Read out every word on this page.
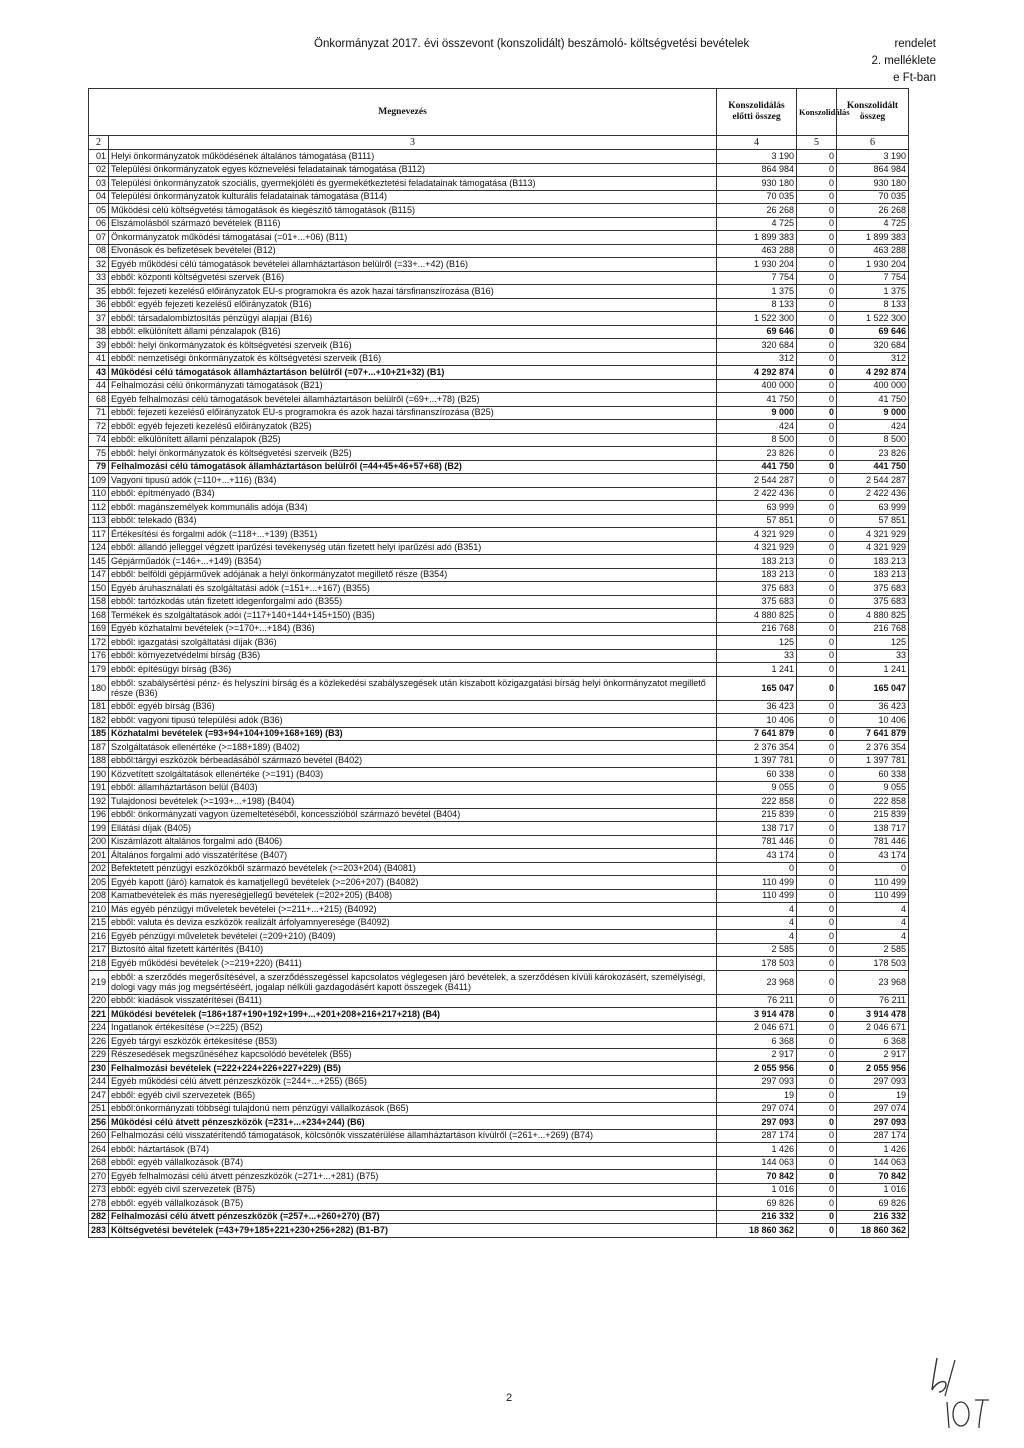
Önkormányzat 2017. évi összevont (konszolidált) beszámoló- költségvetési bevételek	rendelet
2. melléklete
e Ft-ban
Megnevezés		Konszolidálás előtti összeg	Konszolidálás	Konszolidált összeg
2	3	4	5	6
01	Helyi önkormányzatok működésének általános támogatása (B111)	3 190	0	3 190
02	Települési önkormányzatok egyes köznevelési feladatainak támogatása (B112)	864 984	0	864 984
03	Települési önkormányzatok szociális, gyermekjóléti és gyermekétkeztetési feladatainak támogatása (B113)	930 180	0	930 180
04	Települési önkormányzatok kulturális feladatainak támogatása (B114)	70 035	0	70 035
05	Működési célú költségvetési támogatások és kiegészítő támogatások (B115)	26 268	0	26 268
06	Elszámolásból származó bevételek (B116)	4 725	0	4 725
07	Önkormányzatok működési támogatásai (=01+...+06) (B11)	1 899 383	0	1 899 383
08	Elvonások és befizetések bevételei (B12)	463 288	0	463 288
32	Egyéb működési célú támogatások bevételei államháztartáson belülről (=33+...+42) (B16)	1 930 204	0	1 930 204
33	ebből: központi költségvetési szervek (B16)	7 754	0	7 754
35	ebből: fejezeti kezelésű előirányzatok EU-s programokra és azok hazai társfinanszírozása (B16)	1 375	0	1 375
36	ebből: egyéb fejezeti kezelésű előirányzatok (B16)	8 133	0	8 133
37	ebből: társadalombiztosítás pénzügyi alapjai (B16)	1 522 300	0	1 522 300
38	ebből: elkülönített állami pénzalapok (B16)	69 646	0	69 646
39	ebből: helyi önkormányzatok és költségvetési szerveik (B16)	320 684	0	320 684
41	ebből: nemzetiségi önkormányzatok és költségvetési szerveik (B16)	312	0	312
43	Működési célú támogatások államháztartáson belülről (=07+...+10+21+32) (B1)	4 292 874	0	4 292 874
44	Felhalmozási célú önkormányzati támogatások (B21)	400 000	0	400 000
68	Egyéb felhalmozási célú támogatások bevételei államháztartáson belülről (=69+...+78) (B25)	41 750	0	41 750
71	ebből: fejezeti kezelésű előirányzatok EU-s programokra és azok hazai társfinanszírozása (B25)	9 000	0	9 000
72	ebből: egyéb fejezeti kezelésű előirányzatok (B25)	424	0	424
74	ebből: elkülönített állami pénzalapok (B25)	8 500	0	8 500
75	ebből: helyi önkormányzatok és költségvetési szerveik (B25)	23 826	0	23 826
79	Felhalmozási célú támogatások államháztartáson belülről (=44+45+46+57+68) (B2)	441 750	0	441 750
109	Vagyoni tipusú adók (=110+...+116) (B34)	2 544 287	0	2 544 287
110	ebből: építményadó (B34)	2 422 436	0	2 422 436
112	ebből: magánszemélyek kommunális adója (B34)	63 999	0	63 999
113	ebből: telekadó (B34)	57 851	0	57 851
117	Értékesítési és forgalmi adók (=118+...+139) (B351)	4 321 929	0	4 321 929
124	ebből: állandó jelleggel végzett iparűzési tevékenység után fizetett helyi iparűzési adó (B351)	4 321 929	0	4 321 929
145	Gépjárműadók (=146+...+149) (B354)	183 213	0	183 213
147	ebből: belföldi gépjárművek adójának a helyi önkormányzatot megillető része (B354)	183 213	0	183 213
150	Egyéb áruhasználati és szolgáltatási adók (=151+...+167) (B355)	375 683	0	375 683
158	ebből: tartózkodás után fizetett idegenforgalmi adó (B355)	375 683	0	375 683
168	Termékek és szolgáltatások adói (=117+140+144+145+150) (B35)	4 880 825	0	4 880 825
169	Egyéb közhatalmi bevételek (>=170+...+184) (B36)	216 768	0	216 768
172	ebből: igazgatási szolgáltatási díjak (B36)	125	0	125
176	ebből: környezetvédelmi bírság (B36)	33	0	33
179	ebből: építésügyi bírság (B36)	1 241	0	1 241
180	ebből: szabálysértési pénz- és helyszíni bírság és a közlekedési szabályszegések után kiszabott közigazgatási bírság helyi önkormányzatot megillető része (B36)	165 047	0	165 047
181	ebből: egyéb bírság (B36)	36 423	0	36 423
182	ebből: vagyoni tipusú települési adók (B36)	10 406	0	10 406
185	Közhatalmi bevételek (=93+94+104+109+168+169) (B3)	7 641 879	0	7 641 879
187	Szolgáltatások ellenértéke (>=188+189) (B402)	2 376 354	0	2 376 354
188	ebből:tárgyi eszközök bérbeadásából származó bevétel (B402)	1 397 781	0	1 397 781
190	Közvetített szolgáltatások ellenértéke (>=191) (B403)	60 338	0	60 338
191	ebből: államháztartáson belül (B403)	9 055	0	9 055
192	Tulajdonosi bevételek (>=193+...+198) (B404)	222 858	0	222 858
196	ebből: önkormányzati vagyon üzemeltetéséből, koncesszióból származó bevétel (B404)	215 839	0	215 839
199	Ellátási díjak (B405)	138 717	0	138 717
200	Kiszámlázott általános forgalmi adó (B406)	781 446	0	781 446
201	Általános forgalmi adó visszatérítése (B407)	43 174	0	43 174
202	Befektetett pénzügyi eszközökből származó bevételek (>=203+204) (B4081)	0	0	0
205	Egyéb kapott (járó) kamatok és kamatjellegű bevételek (>=206+207) (B4082)	110 499	0	110 499
208	Kamatbevételek és más nyereségjellegű bevételek (=202+205) (B408)	110 499	0	110 499
210	Más egyéb pénzügyi műveletek bevételei (>=211+...+215) (B4092)	4	0	4
215	ebből: valuta és deviza eszközök realizált árfolyamnyeresége (B4092)	4	0	4
216	Egyéb pénzügyi műveletek bevételei (=209+210) (B409)	4	0	4
217	Biztosító által fizetett kártérítés (B410)	2 585	0	2 585
218	Egyéb működési bevételek (>=219+220) (B411)	178 503	0	178 503
219	ebből: a szerződés megerősítésével, a szerződésszegéssel kapcsolatos véglegesen járó bevételek, a szerződésen kívüli károkozásért, személyiségi, dologi vagy más jog megsértéséért, jogalap nélküli gazdagodásért kapott összegek (B411)	23 968	0	23 968
220	ebből: kiadások visszatérítései (B411)	76 211	0	76 211
221	Működési bevételek (=186+187+190+192+199+...+201+208+216+217+218) (B4)	3 914 478	0	3 914 478
224	Ingatlanok értékesítése (>=225) (B52)	2 046 671	0	2 046 671
226	Egyéb tárgyi eszközök értékesítése (B53)	6 368	0	6 368
229	Részesedések megszűnéséhez kapcsolódó bevételek (B55)	2 917	0	2 917
230	Felhalmozási bevételek (=222+224+226+227+229) (B5)	2 055 956	0	2 055 956
244	Egyéb működési célú átvett pénzeszközök (=244+...+255) (B65)	297 093	0	297 093
247	ebből: egyéb civil szervezetek (B65)	19	0	19
251	ebből:önkormányzati többségi tulajdonú nem pénzügyi vállalkozások (B65)	297 074	0	297 074
256	Működési célú átvett pénzeszközök (=231+...+234+244) (B6)	297 093	0	297 093
260	Felhalmozási célú visszatérítendő támogatások, kölcsönök visszatérülése államháztartáson kívülről (=261+...+269) (B74)	287 174	0	287 174
264	ebből: háztartások (B74)	1 426	0	1 426
268	ebből: egyéb vállalkozások (B74)	144 063	0	144 063
270	Egyéb felhalmozási célú átvett pénzeszközök (=271+...+281) (B75)	70 842	0	70 842
273	ebből: egyéb civil szervezetek (B75)	1 016	0	1 016
278	ebből: egyéb vállalkozások (B75)	69 826	0	69 826
282	Felhalmozási célú átvett pénzeszközök (=257+...+260+270) (B7)	216 332	0	216 332
283	Költségvetési bevételek (=43+79+185+221+230+256+282) (B1-B7)	18 860 362	0	18 860 362
2
